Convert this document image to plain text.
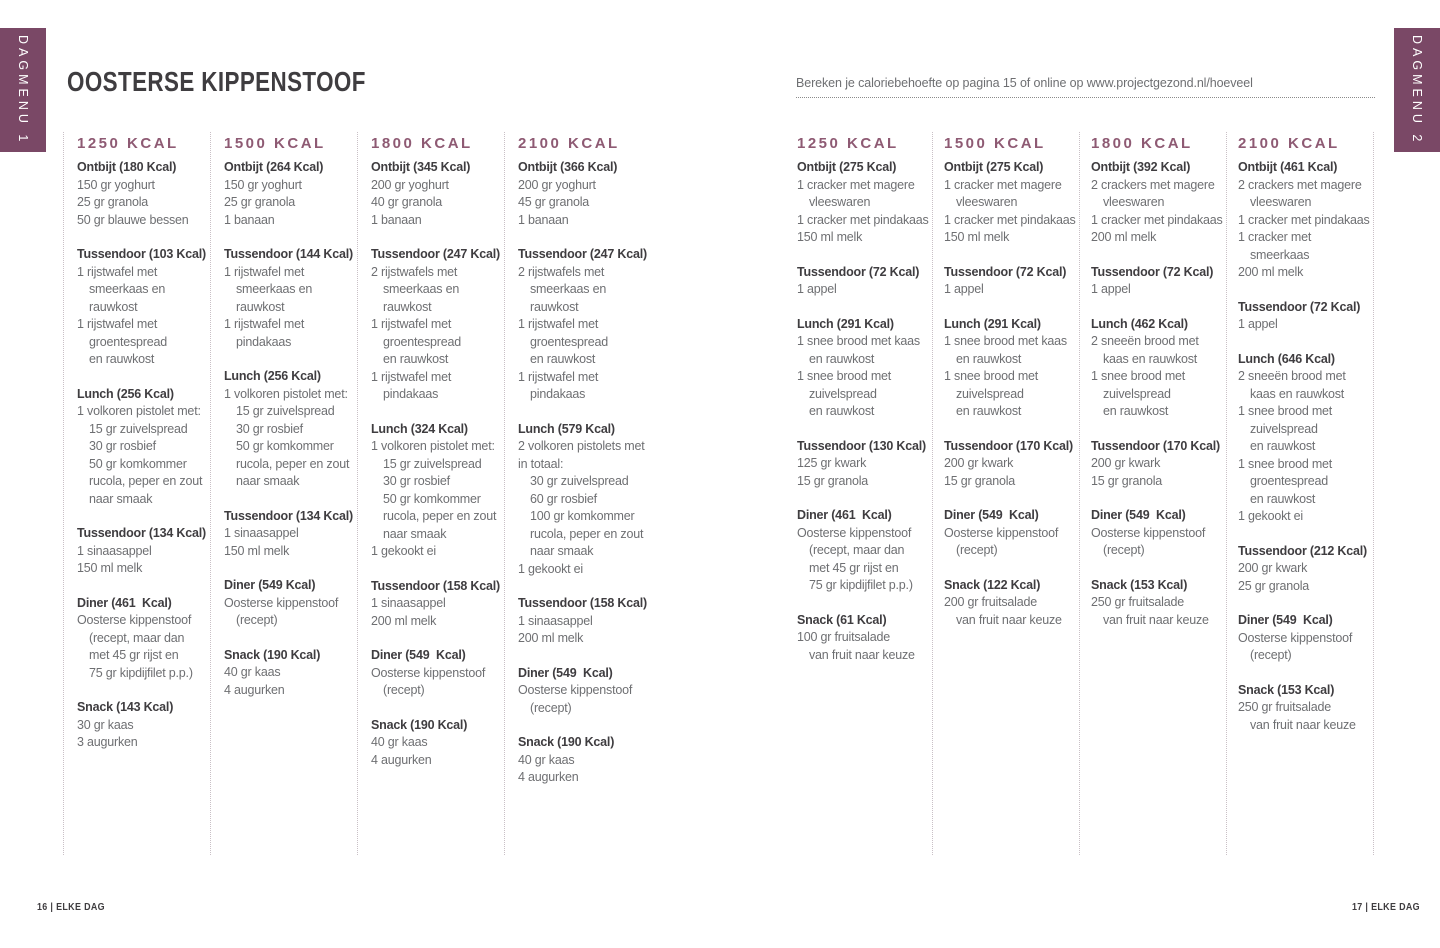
DAGMENU 1 OOSTERSE KIPPENSTOOF	Bereken je caloriebehoefte op pagina 15 of online op www.projectgezond.nl/hoeveel
1250 KCAL
Ontbijt (180 Kcal)
150 gr yoghurt
25 gr granola
50 gr blauwe bessen
Tussendoor (103 Kcal)
1 rijstwafel met
smeerkaas en
rauwkost
1 rijstwafel met
groentespread
en rauwkost
Lunch (256 Kcal)
1 volkoren pistolet met:
15 gr zuivelspread
30 gr rosbief
50 gr komkommer
rucola, peper en zout
naar smaak
Tussendoor (134 Kcal)
1 sinaasappel
150 ml melk
Diner (461  Kcal)
Oosterse kippenstoof
(recept, maar dan
met 45 gr rijst en
75 gr kipdijfilet p.p.)
Snack (143 Kcal)
30 gr kaas
3 augurken
1500 KCAL
Ontbijt (264 Kcal)
150 gr yoghurt
25 gr granola
1 banaan
Tussendoor (144 Kcal)
1 rijstwafel met
smeerkaas en
rauwkost
1 rijstwafel met
pindakaas
Lunch (256 Kcal)
1 volkoren pistolet met:
15 gr zuivelspread
30 gr rosbief
50 gr komkommer
rucola, peper en zout
naar smaak
Tussendoor (134 Kcal)
1 sinaasappel
150 ml melk
Diner (549 Kcal)
Oosterse kippenstoof
(recept)
Snack (190 Kcal)
40 gr kaas
4 augurken
1800 KCAL
Ontbijt (345 Kcal)
200 gr yoghurt
40 gr granola
1 banaan
Tussendoor (247 Kcal)
2 rijstwafels met
smeerkaas en
rauwkost
1 rijstwafel met
groentespread
en rauwkost
1 rijstwafel met
pindakaas
Lunch (324 Kcal)
1 volkoren pistolet met:
15 gr zuivelspread
30 gr rosbief
50 gr komkommer
rucola, peper en zout
naar smaak
1 gekookt ei
Tussendoor (158 Kcal)
1 sinaasappel
200 ml melk
Diner (549  Kcal)
Oosterse kippenstoof
(recept)
Snack (190 Kcal)
40 gr kaas
4 augurken
2100 KCAL
Ontbijt (366 Kcal)
200 gr yoghurt
45 gr granola
1 banaan
Tussendoor (247 Kcal)
2 rijstwafels met
smeerkaas en
rauwkost
1 rijstwafel met
groentespread
en rauwkost
1 rijstwafel met
pindakaas
Lunch (579 Kcal)
2 volkoren pistolets met
in totaal:
30 gr zuivelspread
60 gr rosbief
100 gr komkommer
rucola, peper en zout
naar smaak
1 gekookt ei
Tussendoor (158 Kcal)
1 sinaasappel
200 ml melk
Diner (549  Kcal)
Oosterse kippenstoof
(recept)
Snack (190 Kcal)
40 gr kaas
4 augurken
1250 KCAL
Ontbijt (275 Kcal)
1 cracker met magere
vleeswaren
1 cracker met pindakaas
150 ml melk
Tussendoor (72 Kcal)
1 appel
Lunch (291 Kcal)
1 snee brood met kaas
en rauwkost
1 snee brood met
zuivelspread
en rauwkost
Tussendoor (130 Kcal)
125 gr kwark
15 gr granola
Diner (461  Kcal)
Oosterse kippenstoof
(recept, maar dan
met 45 gr rijst en
75 gr kipdijfilet p.p.)
Snack (61 Kcal)
100 gr fruitsalade
van fruit naar keuze
1500 KCAL
Ontbijt (275 Kcal)
1 cracker met magere
vleeswaren
1 cracker met pindakaas
150 ml melk
Tussendoor (72 Kcal)
1 appel
Lunch (291 Kcal)
1 snee brood met kaas
en rauwkost
1 snee brood met
zuivelspread
en rauwkost
Tussendoor (170 Kcal)
200 gr kwark
15 gr granola
Diner (549  Kcal)
Oosterse kippenstoof
(recept)
Snack (122 Kcal)
200 gr fruitsalade
van fruit naar keuze
1800 KCAL
Ontbijt (392 Kcal)
2 crackers met magere
vleeswaren
1 cracker met pindakaas
200 ml melk
Tussendoor (72 Kcal)
1 appel
Lunch (462 Kcal)
2 sneeën brood met
kaas en rauwkost
1 snee brood met
zuivelspread
en rauwkost
Tussendoor (170 Kcal)
200 gr kwark
15 gr granola
Diner (549  Kcal)
Oosterse kippenstoof
(recept)
Snack (153 Kcal)
250 gr fruitsalade
van fruit naar keuze
2100 KCAL
Ontbijt (461 Kcal)
2 crackers met magere
vleeswaren
1 cracker met pindakaas
1 cracker met
smeerkaas
200 ml melk
Tussendoor (72 Kcal)
1 appel
Lunch (646 Kcal)
2 sneeën brood met
kaas en rauwkost
1 snee brood met
zuivelspread
en rauwkost
1 snee brood met
groentespread
en rauwkost
1 gekookt ei
Tussendoor (212 Kcal)
200 gr kwark
25 gr granola
Diner (549  Kcal)
Oosterse kippenstoof
(recept)
Snack (153 Kcal)
250 gr fruitsalade
van fruit naar keuze
16 | ELKE DAG	17 | ELKE DAG
DAGMENU 2
